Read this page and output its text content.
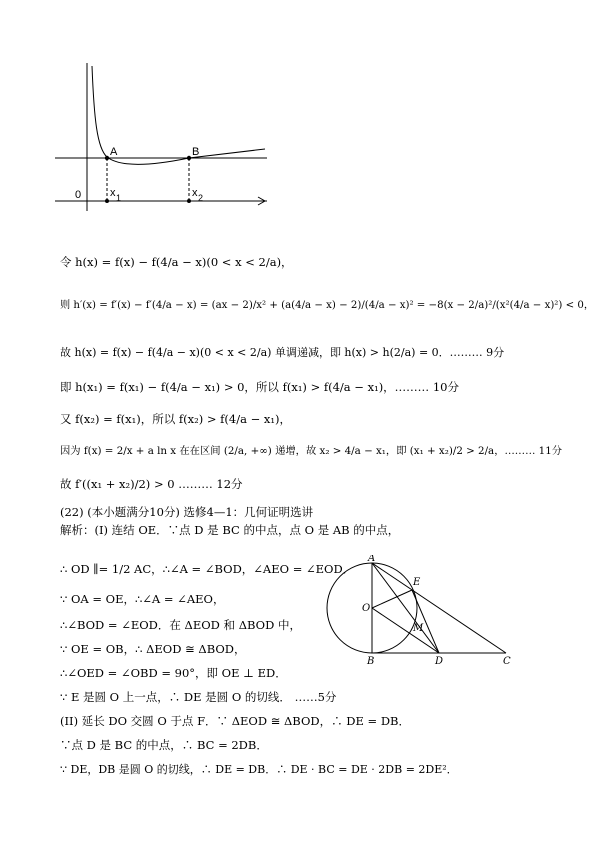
A	B
0	x 1	x 2
令 h(x) = f(x) − f(4/a − x)(0 < x < 2/a)，
则 h′(x) = f′(x) − f′(4/a − x) = (ax − 2)/x² + (a(4/a − x) − 2)/(4/a − x)² = −8(x − 2/a)²/(x²(4/a − x)²) < 0，
故 h(x) = f(x) − f(4/a − x)(0 < x < 2/a) 单调递减，即 h(x) > h(2/a) = 0．……… 9分
即 h(x₁) = f(x₁) − f(4/a − x₁) > 0，所以 f(x₁) > f(4/a − x₁)，……… 10分
又 f(x₂) = f(x₁)，所以 f(x₂) > f(4/a − x₁)，
因为 f(x) = 2/x + a ln x 在在区间 (2/a, +∞) 递增，故 x₂ > 4/a − x₁，即 (x₁ + x₂)/2 > 2/a，……… 11分
故 f′((x₁ + x₂)/2) > 0 ……… 12分
(22) (本小题满分10分) 选修4—1：几何证明选讲
解析：(I) 连结 OE．∵点 D 是 BC 的中点，点 O 是 AB 的中点，
∴ OD ∥= 1/2 AC，∴∠A = ∠BOD，∠AEO = ∠EOD．
∵ OA = OE，∴∠A = ∠AEO，
∴∠BOD = ∠EOD．在 ΔEOD 和 ΔBOD 中，
∵ OE = OB，∴ ΔEOD ≅ ΔBOD，
∴∠OED = ∠OBD = 90°，即 OE ⊥ ED．
∵ E 是圆 O 上一点，∴ DE 是圆 O 的切线． ……5分
(II) 延长 DO 交圆 O 于点 F．∵ ΔEOD ≅ ΔBOD，∴ DE = DB．
∵点 D 是 BC 的中点，∴ BC = 2DB．
∵ DE，DB 是圆 O 的切线，∴ DE = DB．∴ DE · BC = DE · 2DB = 2DE²．
A
E
O
M
B	D	C
